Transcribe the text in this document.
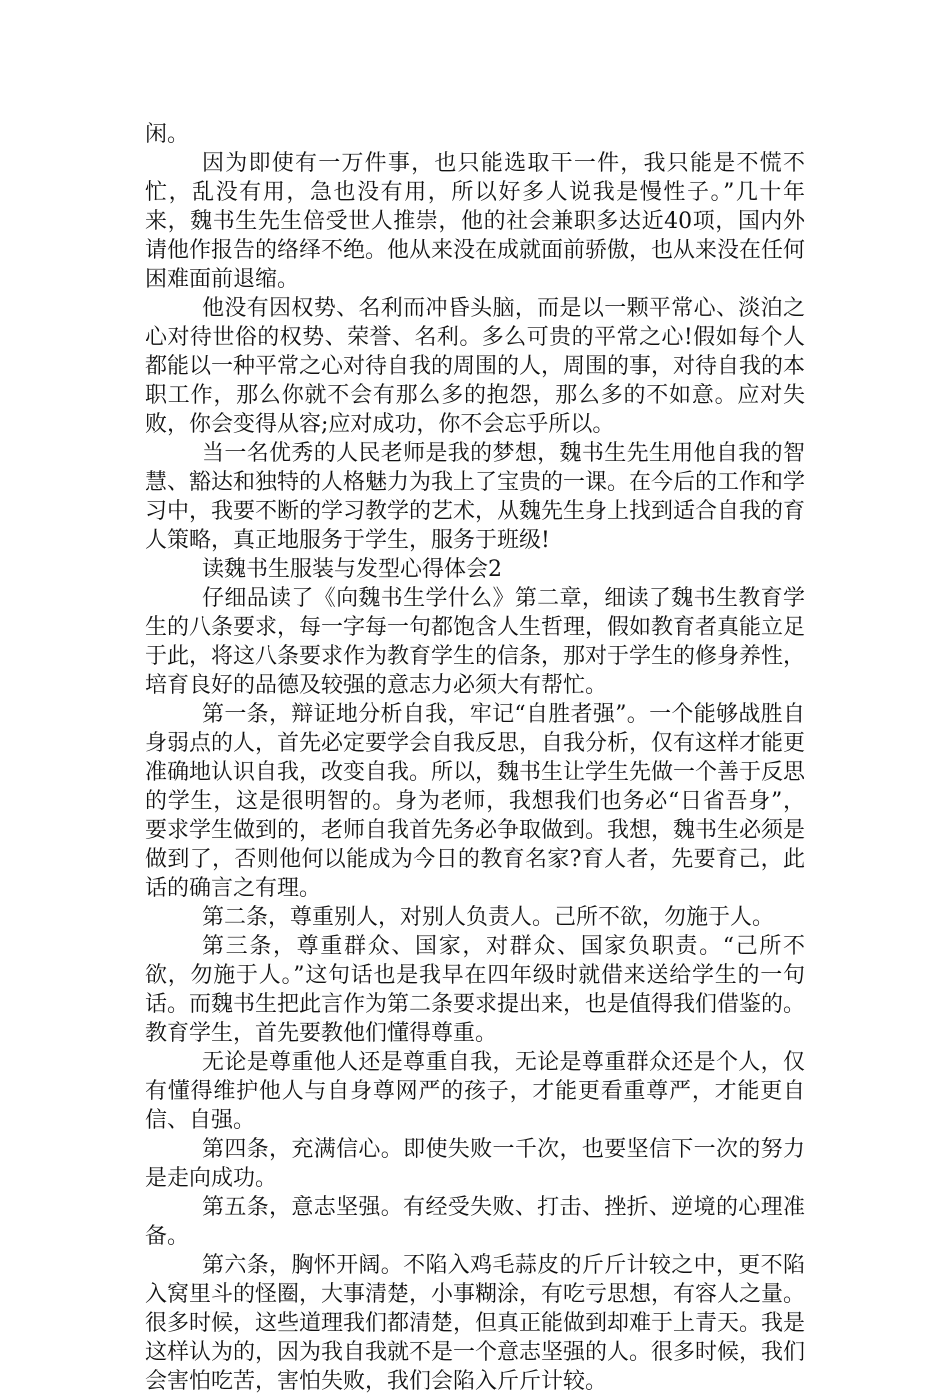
闲。

因为即使有一万件事，也只能选取干一件，我只能是不慌不忙，乱没有用，急也没有用，所以好多人说我是慢性子。”几十年来，魏书生先生倍受世人推崇，他的社会兼职多达近40项，国内外请他作报告的络绎不绝。他从来没在成就面前骄傲，也从来没在任何困难面前退缩。

他没有因权势、名利而冲昏头脑，而是以一颗平常心、淡泊之心对待世俗的权势、荣誉、名利。多么可贵的平常之心!假如每个人都能以一种平常之心对待自我的周围的人，周围的事，对待自我的本职工作，那么你就不会有那么多的抱怨，那么多的不如意。应对失败，你会变得从容;应对成功，你不会忘乎所以。

当一名优秀的人民老师是我的梦想，魏书生先生用他自我的智慧、豁达和独特的人格魅力为我上了宝贵的一课。在今后的工作和学习中，我要不断的学习教学的艺术，从魏先生身上找到适合自我的育人策略，真正地服务于学生，服务于班级!

读魏书生服装与发型心得体会2

仔细品读了《向魏书生学什么》第二章，细读了魏书生教育学生的八条要求，每一字每一句都饱含人生哲理，假如教育者真能立足于此，将这八条要求作为教育学生的信条，那对于学生的修身养性，培育良好的品德及较强的意志力必须大有帮忙。

第一条，辩证地分析自我，牢记“自胜者强”。一个能够战胜自身弱点的人，首先必定要学会自我反思，自我分析，仅有这样才能更准确地认识自我，改变自我。所以，魏书生让学生先做一个善于反思的学生，这是很明智的。身为老师，我想我们也务必“日省吾身”，要求学生做到的，老师自我首先务必争取做到。我想，魏书生必须是做到了，否则他何以能成为今日的教育名家?育人者，先要育己，此话的确言之有理。

第二条，尊重别人，对别人负责人。己所不欲，勿施于人。

第三条，尊重群众、国家，对群众、国家负职责。“己所不欲，勿施于人。”这句话也是我早在四年级时就借来送给学生的一句话。而魏书生把此言作为第二条要求提出来，也是值得我们借鉴的。教育学生，首先要教他们懂得尊重。

无论是尊重他人还是尊重自我，无论是尊重群众还是个人，仅有懂得维护他人与自身尊网严的孩子，才能更看重尊严，才能更自信、自强。

第四条，充满信心。即使失败一千次，也要坚信下一次的努力是走向成功。

第五条，意志坚强。有经受失败、打击、挫折、逆境的心理准备。

第六条，胸怀开阔。不陷入鸡毛蒜皮的斤斤计较之中，更不陷入窝里斗的怪圈，大事清楚，小事糊涂，有吃亏思想，有容人之量。很多时候，这些道理我们都清楚，但真正能做到却难于上青天。我是这样认为的，因为我自我就不是一个意志坚强的人。很多时候，我们会害怕吃苦，害怕失败，我们会陷入斤斤计较。
